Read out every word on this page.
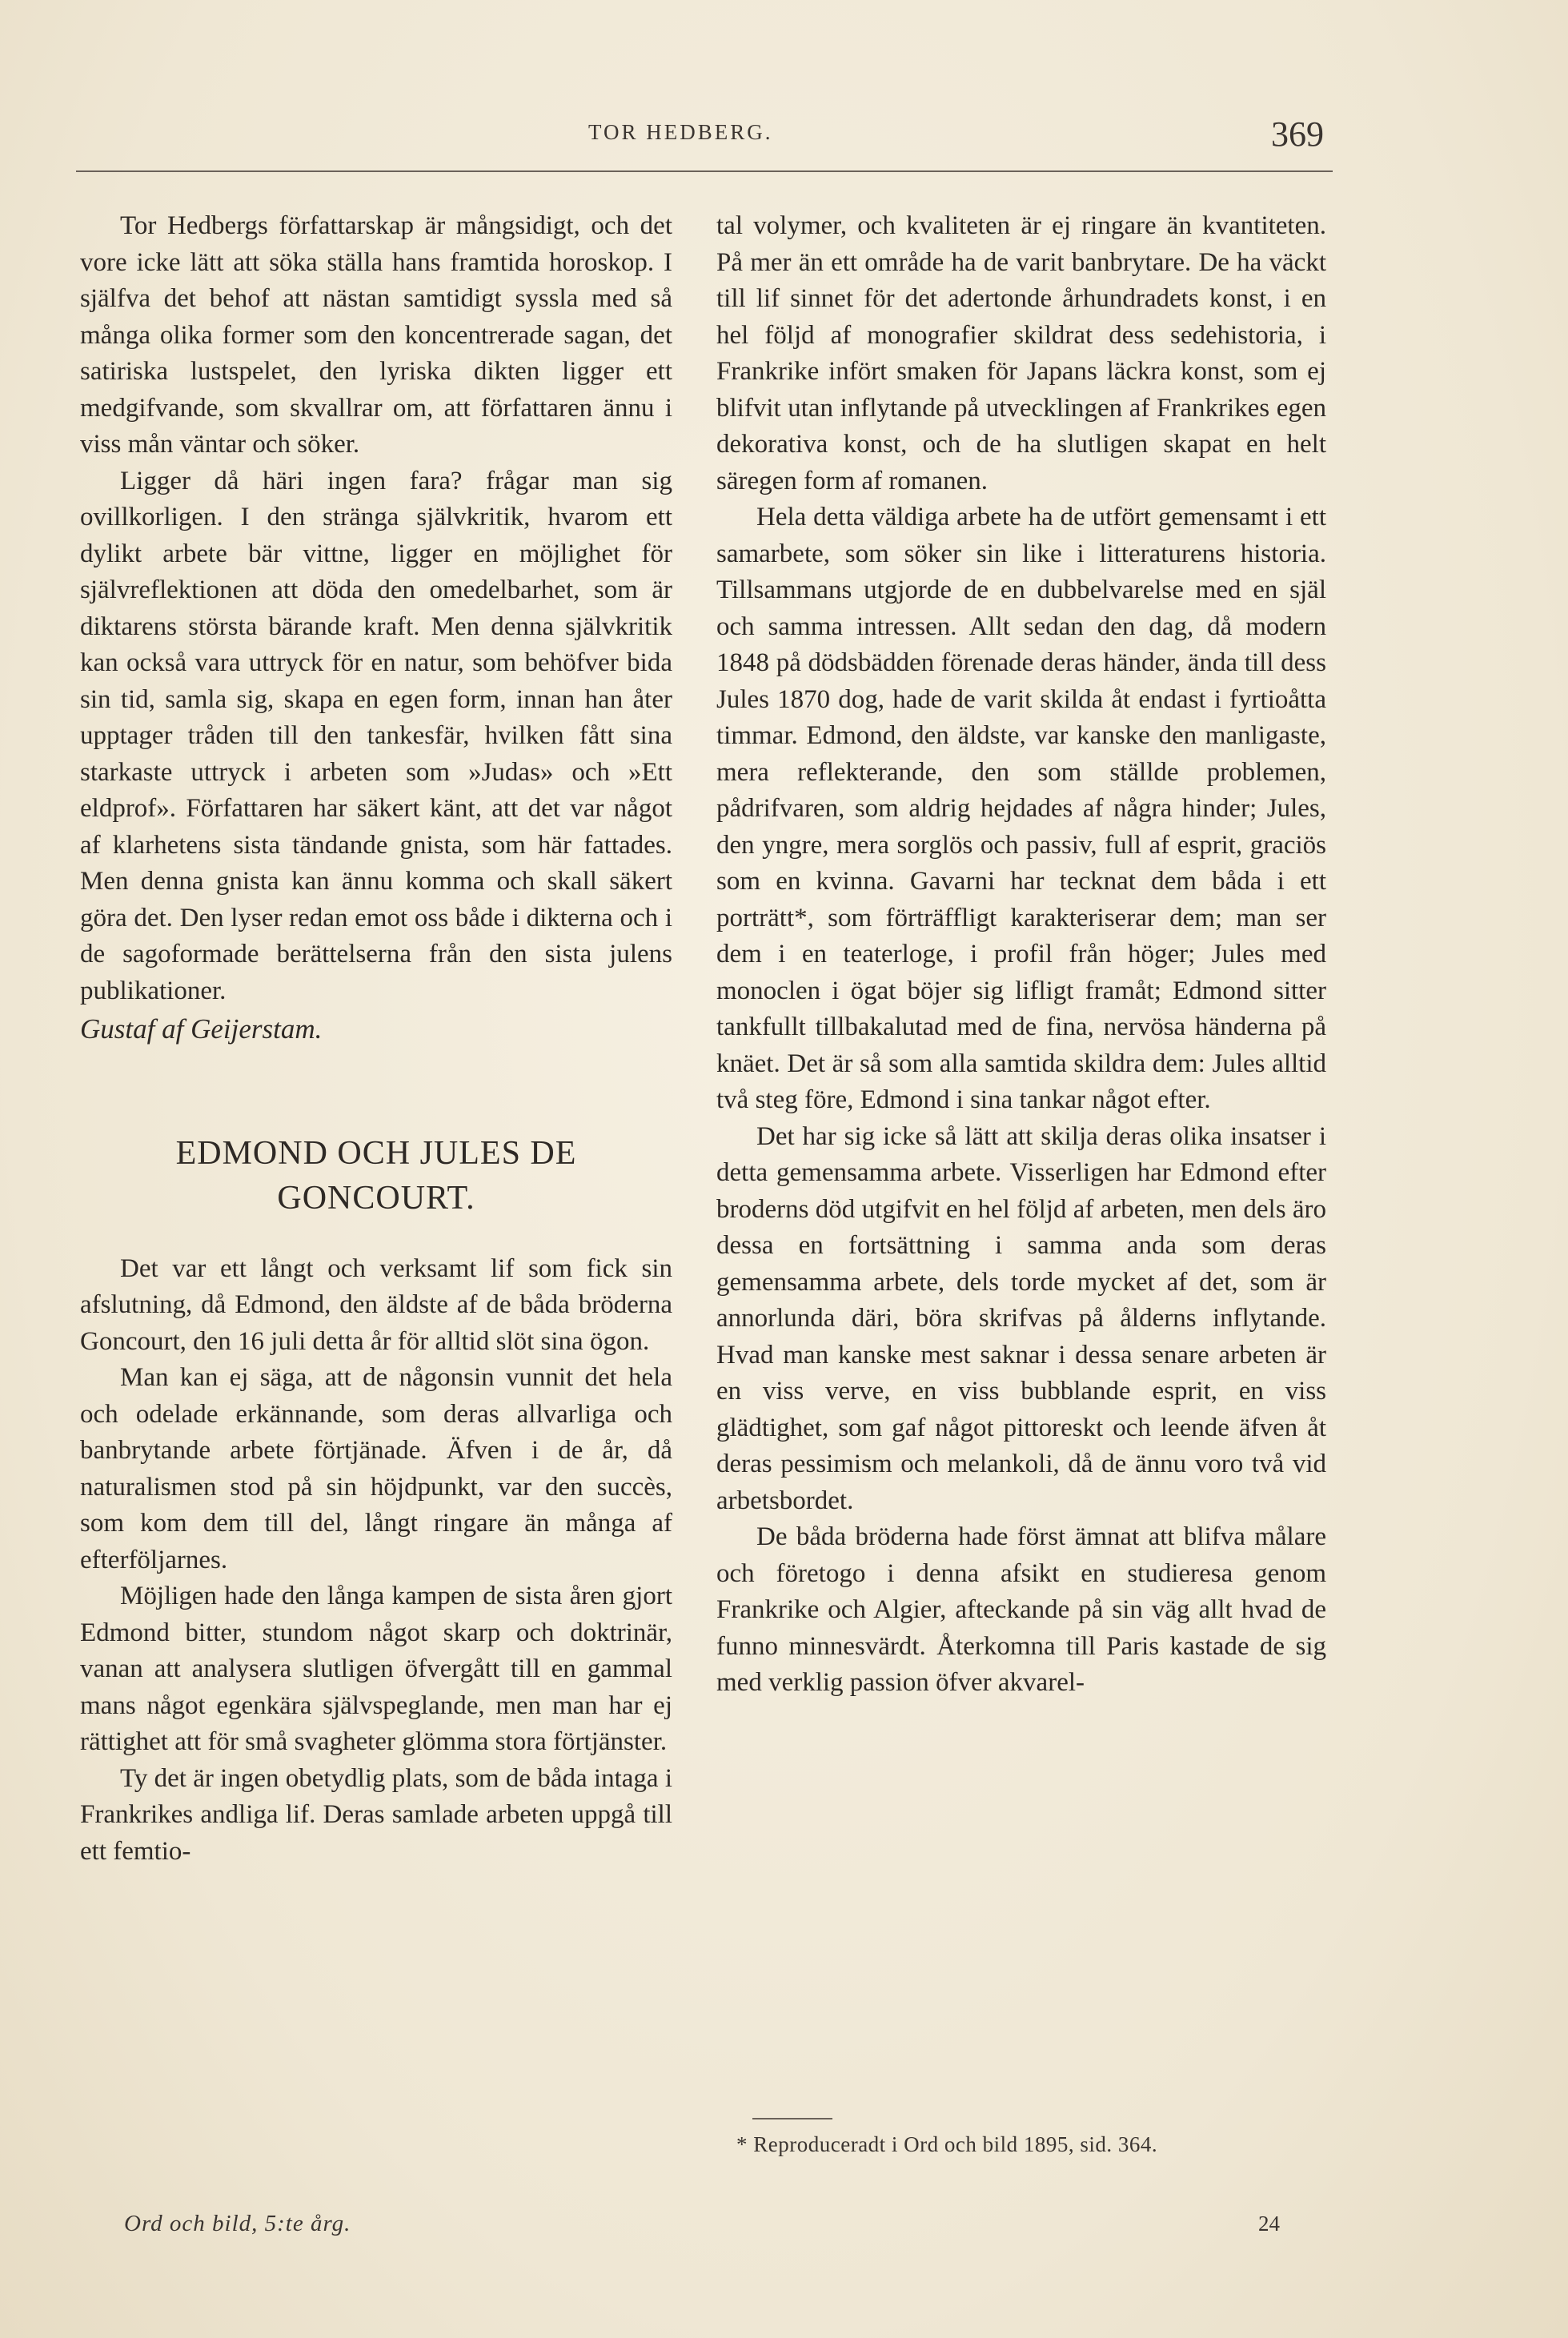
TOR HEDBERG.	369

Tor Hedbergs författarskap är mångsidigt, och det vore icke lätt att söka ställa hans framtida horoskop. I själfva det behof att nästan samtidigt syssla med så många olika former som den koncentrerade sagan, det satiriska lustspelet, den lyriska dikten ligger ett medgifvande, som skvallrar om, att författaren ännu i viss mån väntar och söker.

Ligger då häri ingen fara? frågar man sig ovillkorligen. I den stränga självkritik, hvarom ett dylikt arbete bär vittne, ligger en möjlighet för självreflektionen att döda den omedelbarhet, som är diktarens största bärande kraft. Men denna självkritik kan också vara uttryck för en natur, som behöfver bida sin tid, samla sig, skapa en egen form, innan han åter upptager tråden till den tankesfär, hvilken fått sina starkaste uttryck i arbeten som »Judas» och »Ett eldprof». Författaren har säkert känt, att det var något af klarhetens sista tändande gnista, som här fattades. Men denna gnista kan ännu komma och skall säkert göra det. Den lyser redan emot oss både i dikterna och i de sagoformade berättelserna från den sista julens publikationer.

Gustaf af Geijerstam.

EDMOND OCH JULES DE
GONCOURT.

Det var ett långt och verksamt lif som fick sin afslutning, då Edmond, den äldste af de båda bröderna Goncourt, den 16 juli detta år för alltid slöt sina ögon.

Man kan ej säga, att de någonsin vunnit det hela och odelade erkännande, som deras allvarliga och banbrytande arbete förtjänade. Äfven i de år, då naturalismen stod på sin höjdpunkt, var den succès, som kom dem till del, långt ringare än många af efterföljarnes.

Möjligen hade den långa kampen de sista åren gjort Edmond bitter, stundom något skarp och doktrinär, vanan att analysera slutligen öfvergått till en gammal mans något egenkära självspeglande, men man har ej rättighet att för små svagheter glömma stora förtjänster.

Ty det är ingen obetydlig plats, som de båda intaga i Frankrikes andliga lif. Deras samlade arbeten uppgå till ett femtio-

tal volymer, och kvaliteten är ej ringare än kvantiteten. På mer än ett område ha de varit banbrytare. De ha väckt till lif sinnet för det adertonde århundradets konst, i en hel följd af monografier skildrat dess sedehistoria, i Frankrike infört smaken för Japans läckra konst, som ej blifvit utan inflytande på utvecklingen af Frankrikes egen dekorativa konst, och de ha slutligen skapat en helt säregen form af romanen.

Hela detta väldiga arbete ha de utfört gemensamt i ett samarbete, som söker sin like i litteraturens historia. Tillsammans utgjorde de en dubbelvarelse med en själ och samma intressen. Allt sedan den dag, då modern 1848 på dödsbädden förenade deras händer, ända till dess Jules 1870 dog, hade de varit skilda åt endast i fyrtioåtta timmar. Edmond, den äldste, var kanske den manligaste, mera reflekterande, den som ställde problemen, pådrifvaren, som aldrig hejdades af några hinder; Jules, den yngre, mera sorglös och passiv, full af esprit, graciös som en kvinna. Gavarni har tecknat dem båda i ett porträtt*, som förträffligt karakteriserar dem; man ser dem i en teaterloge, i profil från höger; Jules med monoclen i ögat böjer sig lifligt framåt; Edmond sitter tankfullt tillbakalutad med de fina, nervösa händerna på knäet. Det är så som alla samtida skildra dem: Jules alltid två steg före, Edmond i sina tankar något efter.

Det har sig icke så lätt att skilja deras olika insatser i detta gemensamma arbete. Visserligen har Edmond efter broderns död utgifvit en hel följd af arbeten, men dels äro dessa en fortsättning i samma anda som deras gemensamma arbete, dels torde mycket af det, som är annorlunda däri, böra skrifvas på ålderns inflytande. Hvad man kanske mest saknar i dessa senare arbeten är en viss verve, en viss bubblande esprit, en viss glädtighet, som gaf något pittoreskt och leende äfven åt deras pessimism och melankoli, då de ännu voro två vid arbetsbordet.

De båda bröderna hade först ämnat att blifva målare och företogo i denna afsikt en studieresa genom Frankrike och Algier, afteckande på sin väg allt hvad de funno minnesvärdt. Återkomna till Paris kastade de sig med verklig passion öfver akvarel-

* Reproduceradt i Ord och bild 1895, sid. 364.
24
Ord och bild, 5:te årg.
